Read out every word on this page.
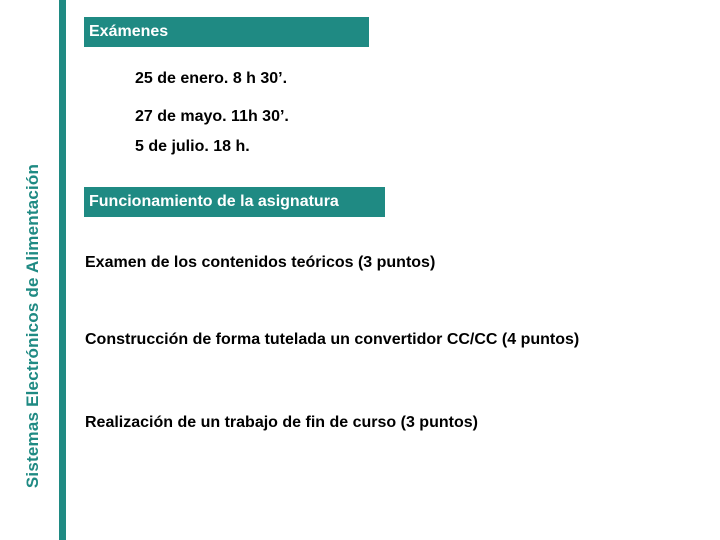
Sistemas Electrónicos de Alimentación
Exámenes
25 de enero. 8 h 30’.
27 de mayo. 11h 30’.
5 de julio. 18 h.
Funcionamiento de la asignatura
Examen de los contenidos teóricos (3 puntos)
Construcción de forma tutelada un convertidor CC/CC (4 puntos)
Realización de un trabajo de fin de curso (3 puntos)
